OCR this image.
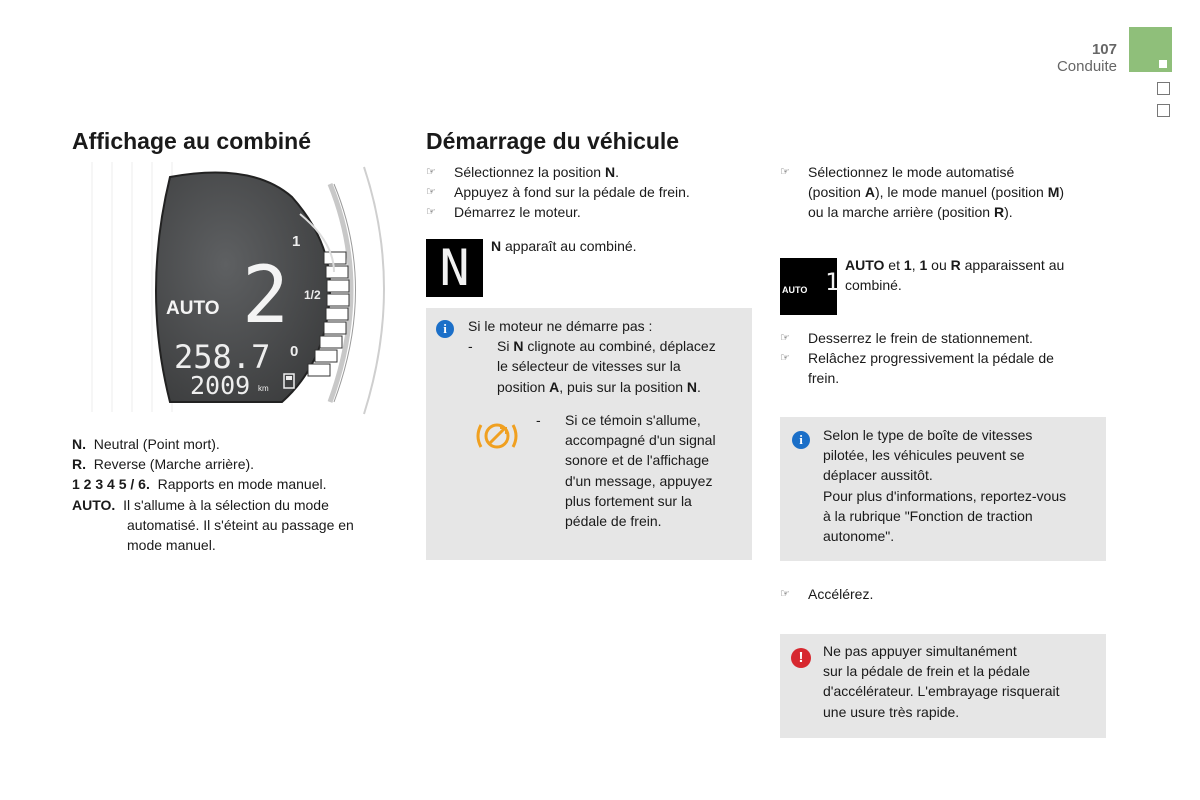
107
Conduite
Affichage au combiné
AUTO 2
1
1/2
0
258.7
2009 km
N. Neutral (Point mort).
R. Reverse (Marche arrière).
1 2 3 4 5 / 6. Rapports en mode manuel.
AUTO. Il s'allume à la sélection du mode
automatisé. Il s'éteint au passage en
mode manuel.
Démarrage du véhicule
☞	Sélectionnez la position N.
☞	Appuyez à fond sur la pédale de frein.
☞	Démarrez le moteur.
N N apparaît au combiné.
i	Si le moteur ne démarre pas :
-	Si N clignote au combiné, déplacez
le sélecteur de vitesses sur la
position A, puis sur la position N.
-	Si ce témoin s'allume,
accompagné d'un signal
sonore et de l'affichage
d'un message, appuyez
plus fortement sur la
pédale de frein.
☞	Sélectionnez le mode automatisé
(position A), le mode manuel (position M)
ou la marche arrière (position R).
AUTO 1
AUTO et 1, 1 ou R apparaissent au
combiné.
☞	Desserrez le frein de stationnement.
☞	Relâchez progressivement la pédale de
frein.
i	Selon le type de boîte de vitesses
pilotée, les véhicules peuvent se
déplacer aussitôt.
Pour plus d'informations, reportez-vous
à la rubrique "Fonction de traction
autonome".
☞	Accélérez.
!	Ne pas appuyer simultanément
sur la pédale de frein et la pédale
d'accélérateur. L'embrayage risquerait
une usure très rapide.
